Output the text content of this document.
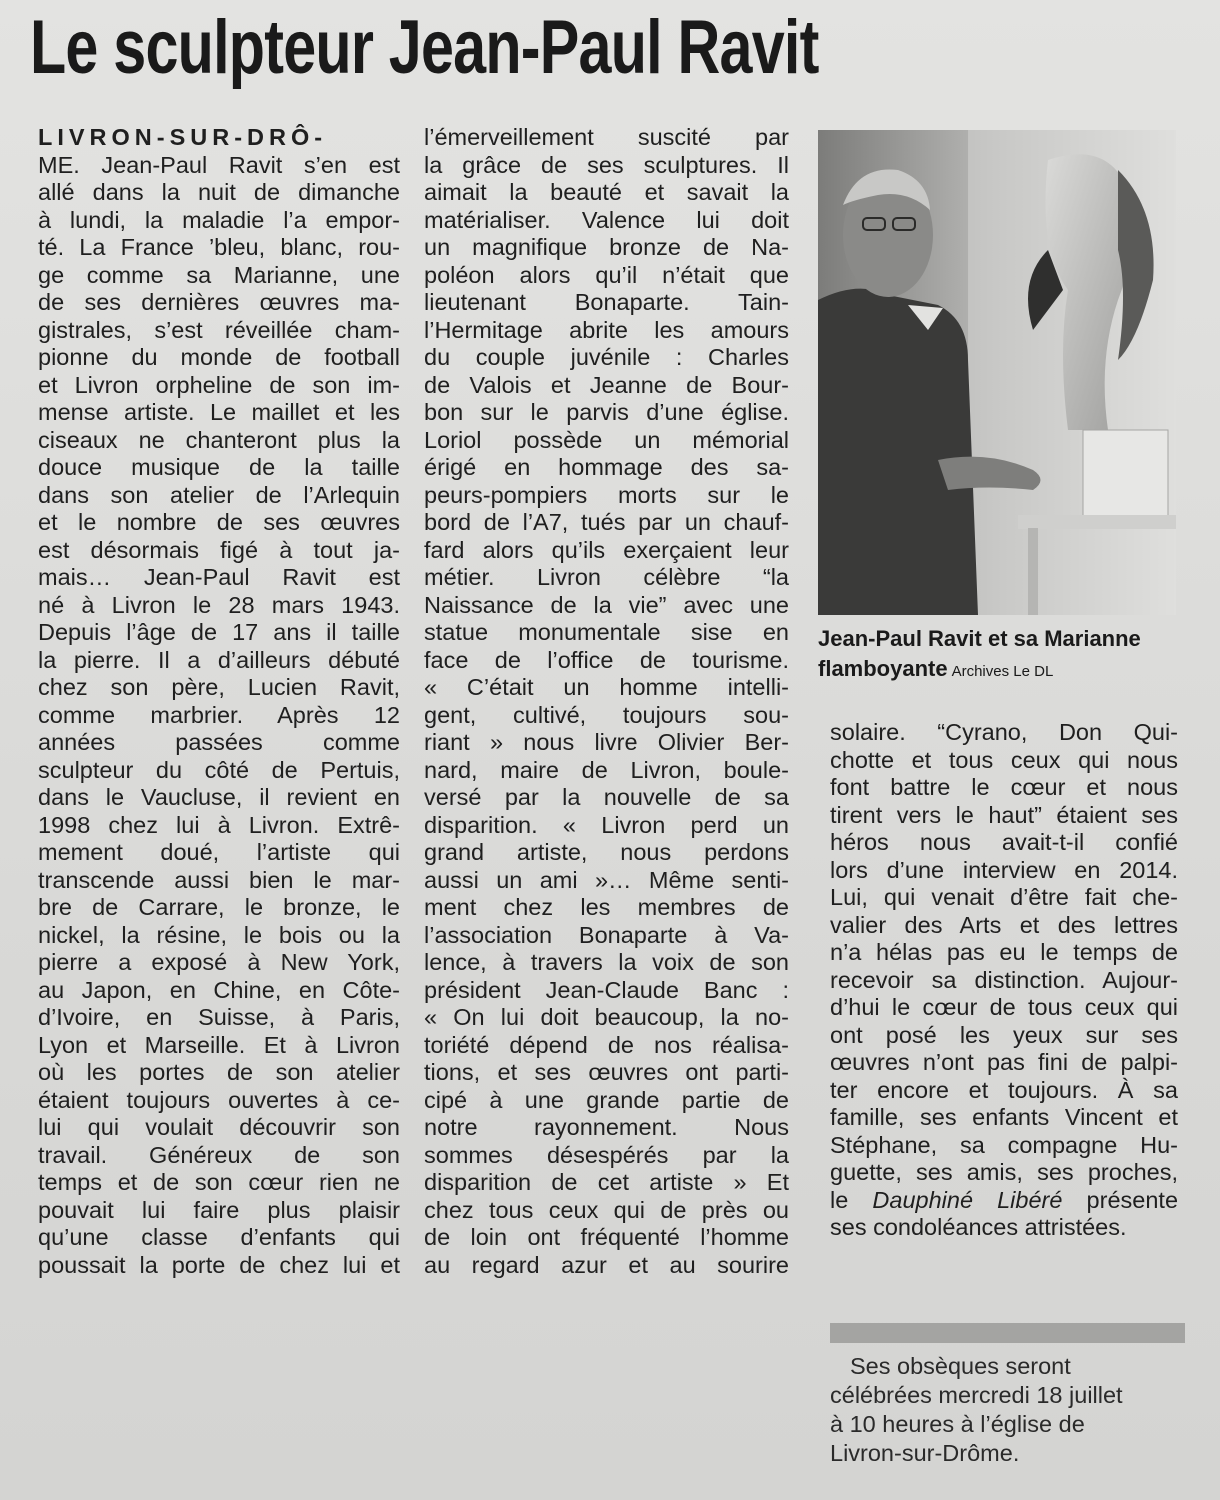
Le sculpteur Jean-Paul Ravit
LIVRON-SUR-DRÔ-
ME. Jean-Paul Ravit s’en est
allé dans la nuit de dimanche
à lundi, la maladie l’a empor-
té. La France ’bleu, blanc, rou-
ge comme sa Marianne, une
de ses dernières œuvres ma-
gistrales, s’est réveillée cham-
pionne du monde de football
et Livron orpheline de son im-
mense artiste. Le maillet et les
ciseaux ne chanteront plus la
douce musique de la taille
dans son atelier de l’Arlequin
et le nombre de ses œuvres
est désormais figé à tout ja-
mais… Jean-Paul Ravit est
né à Livron le 28 mars 1943.
Depuis l’âge de 17 ans il taille
la pierre. Il a d’ailleurs débuté
chez son père, Lucien Ravit,
comme marbrier. Après 12
années passées comme
sculpteur du côté de Pertuis,
dans le Vaucluse, il revient en
1998 chez lui à Livron. Extrê-
mement doué, l’artiste qui
transcende aussi bien le mar-
bre de Carrare, le bronze, le
nickel, la résine, le bois ou la
pierre a exposé à New York,
au Japon, en Chine, en Côte-
d’Ivoire, en Suisse, à Paris,
Lyon et Marseille. Et à Livron
où les portes de son atelier
étaient toujours ouvertes à ce-
lui qui voulait découvrir son
travail. Généreux de son
temps et de son cœur rien ne
pouvait lui faire plus plaisir
qu’une classe d’enfants qui
poussait la porte de chez lui et
l’émerveillement suscité par
la grâce de ses sculptures. Il
aimait la beauté et savait la
matérialiser. Valence lui doit
un magnifique bronze de Na-
poléon alors qu’il n’était que
lieutenant Bonaparte. Tain-
l’Hermitage abrite les amours
du couple juvénile : Charles
de Valois et Jeanne de Bour-
bon sur le parvis d’une église.
Loriol possède un mémorial
érigé en hommage des sa-
peurs-pompiers morts sur le
bord de l’A7, tués par un chauf-
fard alors qu’ils exerçaient leur
métier. Livron célèbre “la
Naissance de la vie” avec une
statue monumentale sise en
face de l’office de tourisme.
« C’était un homme intelli-
gent, cultivé, toujours sou-
riant » nous livre Olivier Ber-
nard, maire de Livron, boule-
versé par la nouvelle de sa
disparition. « Livron perd un
grand artiste, nous perdons
aussi un ami »… Même senti-
ment chez les membres de
l’association Bonaparte à Va-
lence, à travers la voix de son
président Jean-Claude Banc :
« On lui doit beaucoup, la no-
toriété dépend de nos réalisa-
tions, et ses œuvres ont parti-
cipé à une grande partie de
notre rayonnement. Nous
sommes désespérés par la
disparition de cet artiste » Et
chez tous ceux qui de près ou
de loin ont fréquenté l’homme
au regard azur et au sourire
Jean-Paul Ravit et sa Marianne
flamboyante Archives Le DL
solaire. “Cyrano, Don Qui-
chotte et tous ceux qui nous
font battre le cœur et nous
tirent vers le haut” étaient ses
héros nous avait-t-il confié
lors d’une interview en 2014.
Lui, qui venait d’être fait che-
valier des Arts et des lettres
n’a hélas pas eu le temps de
recevoir sa distinction. Aujour-
d’hui le cœur de tous ceux qui
ont posé les yeux sur ses
œuvres n’ont pas fini de palpi-
ter encore et toujours. À sa
famille, ses enfants Vincent et
Stéphane, sa compagne Hu-
guette, ses amis, ses proches,
le Dauphiné Libéré présente
ses condoléances attristées.
Ses obsèques seront
célébrées mercredi 18 juillet
à 10 heures à l’église de
Livron-sur-Drôme.
